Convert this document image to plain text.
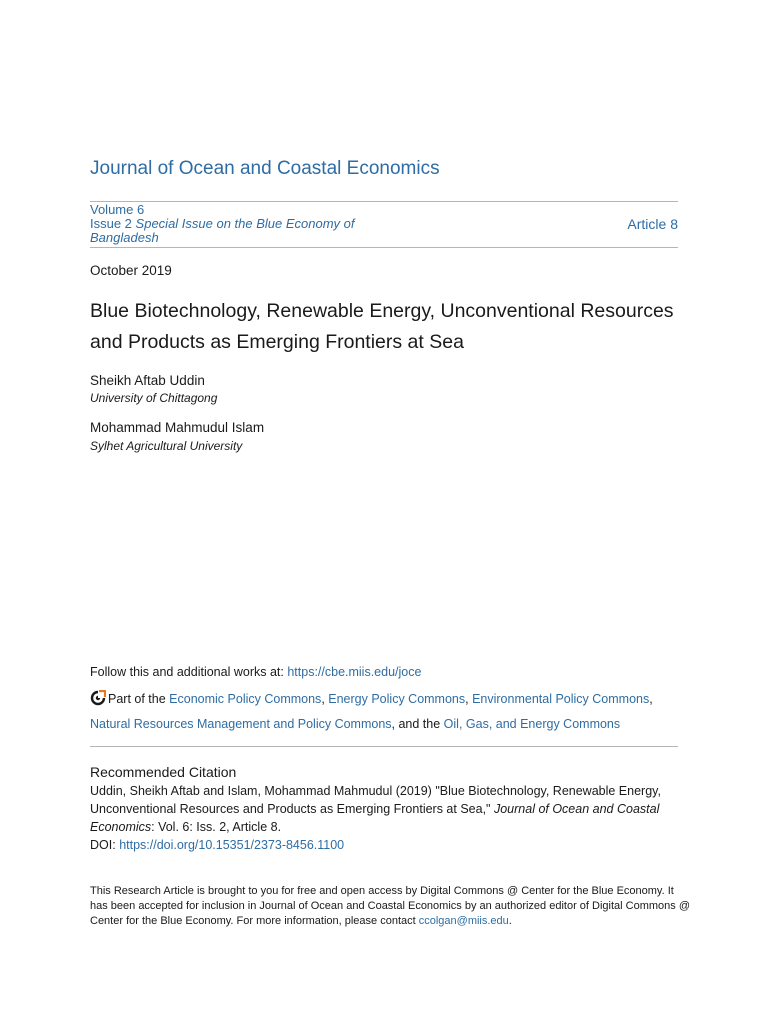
Journal of Ocean and Coastal Economics
Volume 6
Issue 2 Special Issue on the Blue Economy of Bangladesh
Article 8
October 2019
Blue Biotechnology, Renewable Energy, Unconventional Resources and Products as Emerging Frontiers at Sea
Sheikh Aftab Uddin
University of Chittagong
Mohammad Mahmudul Islam
Sylhet Agricultural University
Follow this and additional works at: https://cbe.miis.edu/joce
Part of the Economic Policy Commons, Energy Policy Commons, Environmental Policy Commons,
Natural Resources Management and Policy Commons, and the Oil, Gas, and Energy Commons
Recommended Citation
Uddin, Sheikh Aftab and Islam, Mohammad Mahmudul (2019) "Blue Biotechnology, Renewable Energy, Unconventional Resources and Products as Emerging Frontiers at Sea," Journal of Ocean and Coastal Economics: Vol. 6: Iss. 2, Article 8.
DOI: https://doi.org/10.15351/2373-8456.1100
This Research Article is brought to you for free and open access by Digital Commons @ Center for the Blue Economy. It has been accepted for inclusion in Journal of Ocean and Coastal Economics by an authorized editor of Digital Commons @ Center for the Blue Economy. For more information, please contact ccolgan@miis.edu.
